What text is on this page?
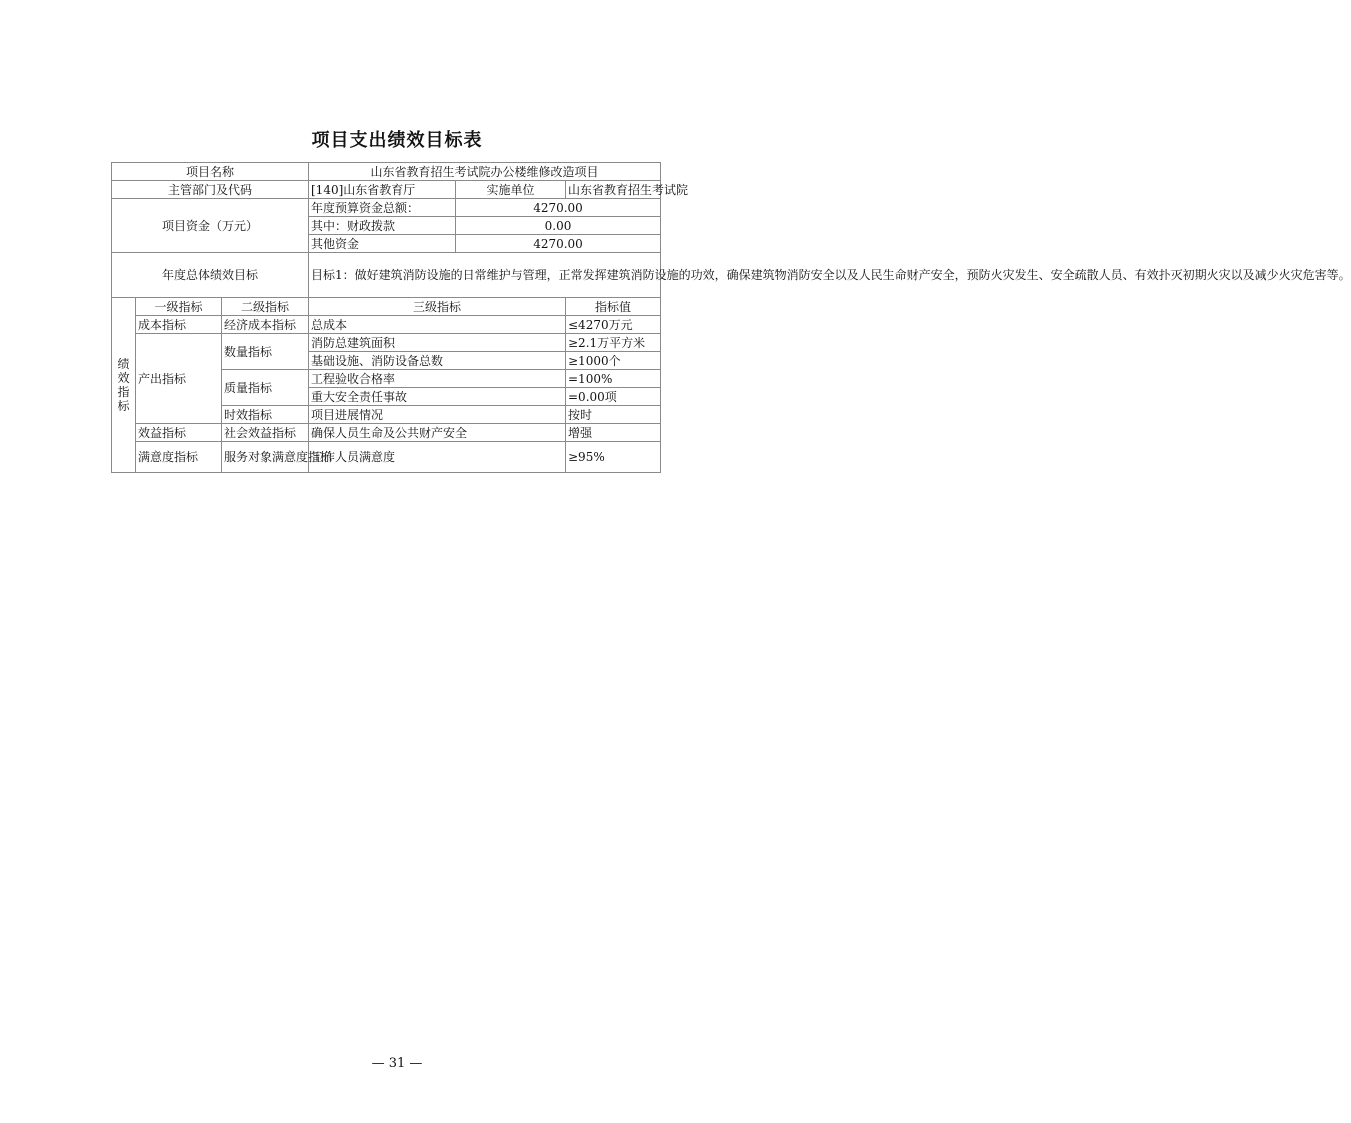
项目支出绩效目标表
项目名称			山东省教育招生考试院办公楼维修改造项目		
主管部门及代码			[140]山东省教育厅	实施单位	山东省教育招生考试院
项目资金（万元）			年度预算资金总额：	4270.00	
			其中：财政拨款	0.00	
			其他资金	4270.00	
年度总体绩效目标			目标1：做好建筑消防设施的日常维护与管理，正常发挥建筑消防设施的功效，确保建筑物消防安全以及人民生命财产安全，预防火灾发生、安全疏散人员、有效扑灭初期火灾以及减少火灾危害等。		

绩
效
指
标	一级指标	二级指标	三级指标		指标值
	成本指标	经济成本指标	总成本		≤4270万元
	产出指标	数量指标	消防总建筑面积		≥2.1万平方米
			基础设施、消防设备总数		≥1000个
		质量指标	工程验收合格率		=100%
			重大安全责任事故		=0.00项
		时效指标	项目进展情况		按时
	效益指标	社会效益指标	确保人员生命及公共财产安全		增强
	满意度指标	服务对象满意度指标	工作人员满意度		≥95%
— 31 —
